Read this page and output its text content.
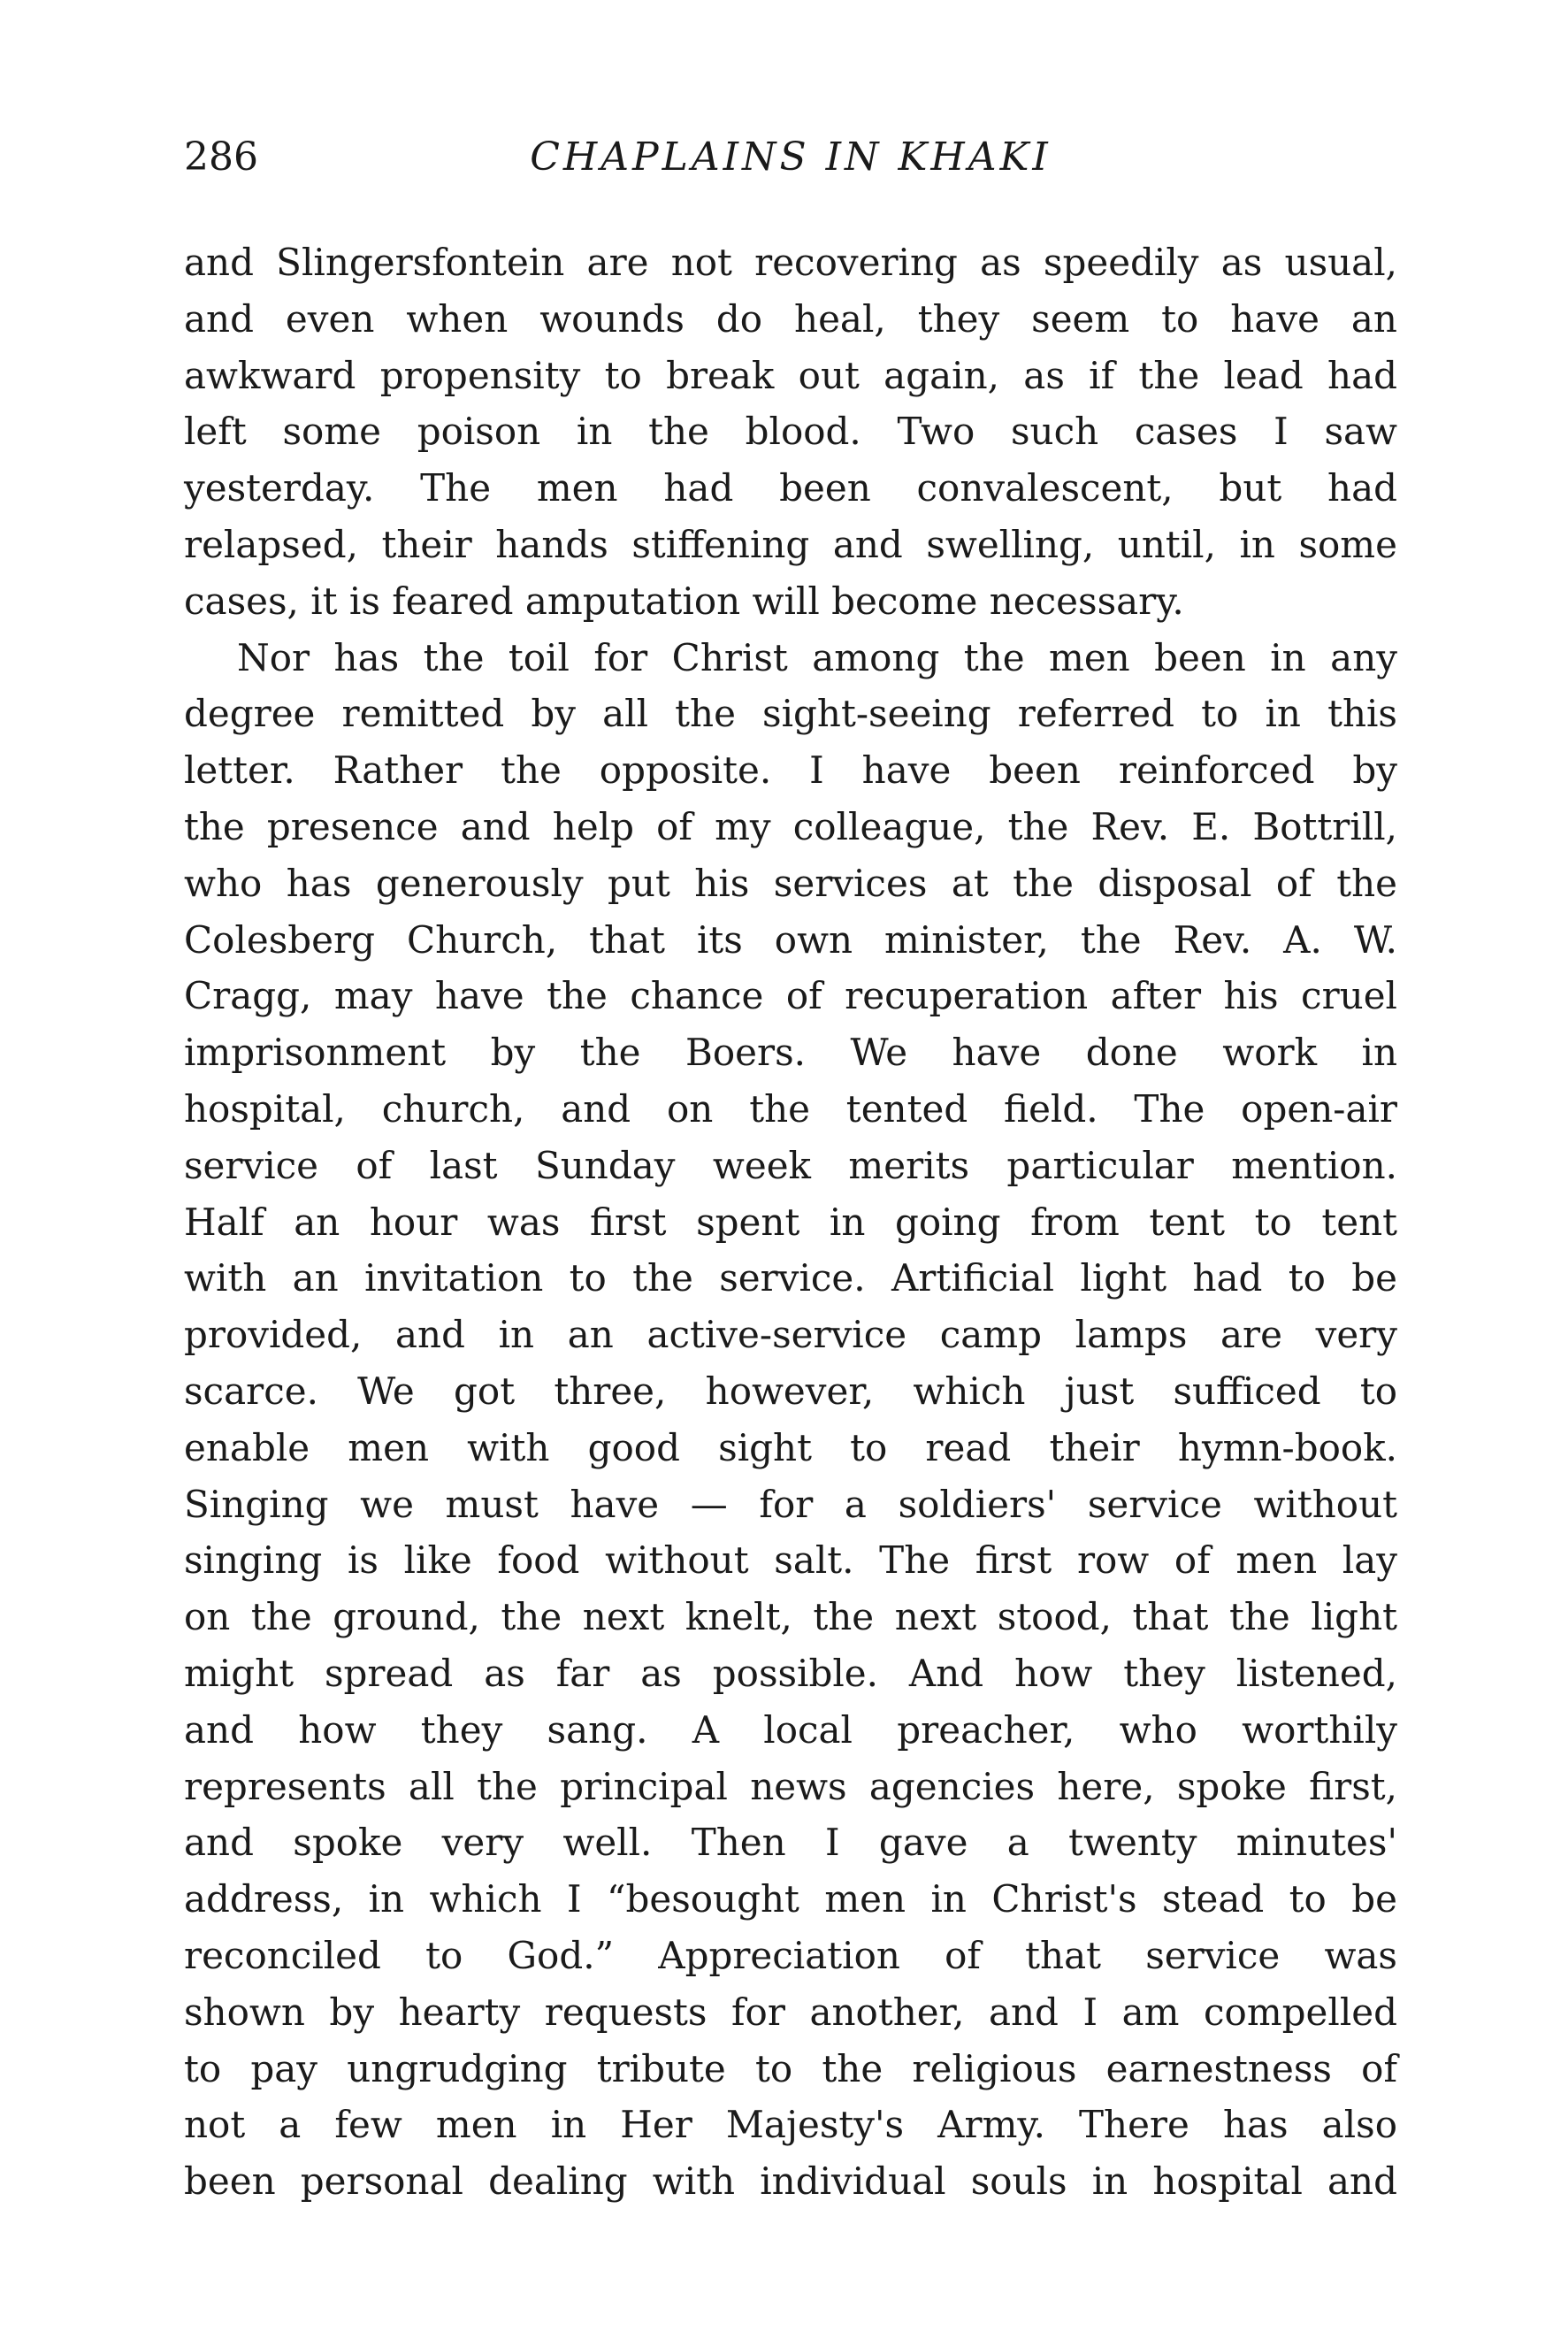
286	CHAPLAINS IN KHAKI
and Slingersfontein are not recovering as speedily as usual,
and even when wounds do heal, they seem to have an
awkward propensity to break out again, as if the lead had
left some poison in the blood. Two such cases I saw
yesterday. The men had been convalescent, but had
relapsed, their hands stiffening and swelling, until, in some
cases, it is feared amputation will become necessary.
Nor has the toil for Christ among the men been in any
degree remitted by all the sight-seeing referred to in this
letter. Rather the opposite. I have been reinforced by
the presence and help of my colleague, the Rev. E. Bottrill,
who has generously put his services at the disposal of the
Colesberg Church, that its own minister, the Rev. A. W.
Cragg, may have the chance of recuperation after his cruel
imprisonment by the Boers. We have done work in
hospital, church, and on the tented field. The open-air
service of last Sunday week merits particular mention.
Half an hour was first spent in going from tent to tent
with an invitation to the service. Artificial light had to be
provided, and in an active-service camp lamps are very
scarce. We got three, however, which just sufficed to
enable men with good sight to read their hymn-book.
Singing we must have — for a soldiers' service without
singing is like food without salt. The first row of men lay
on the ground, the next knelt, the next stood, that the light
might spread as far as possible. And how they listened,
and how they sang. A local preacher, who worthily
represents all the principal news agencies here, spoke first,
and spoke very well. Then I gave a twenty minutes'
address, in which I “besought men in Christ's stead to be
reconciled to God.” Appreciation of that service was
shown by hearty requests for another, and I am compelled
to pay ungrudging tribute to the religious earnestness of
not a few men in Her Majesty's Army. There has also
been personal dealing with individual souls in hospital and
